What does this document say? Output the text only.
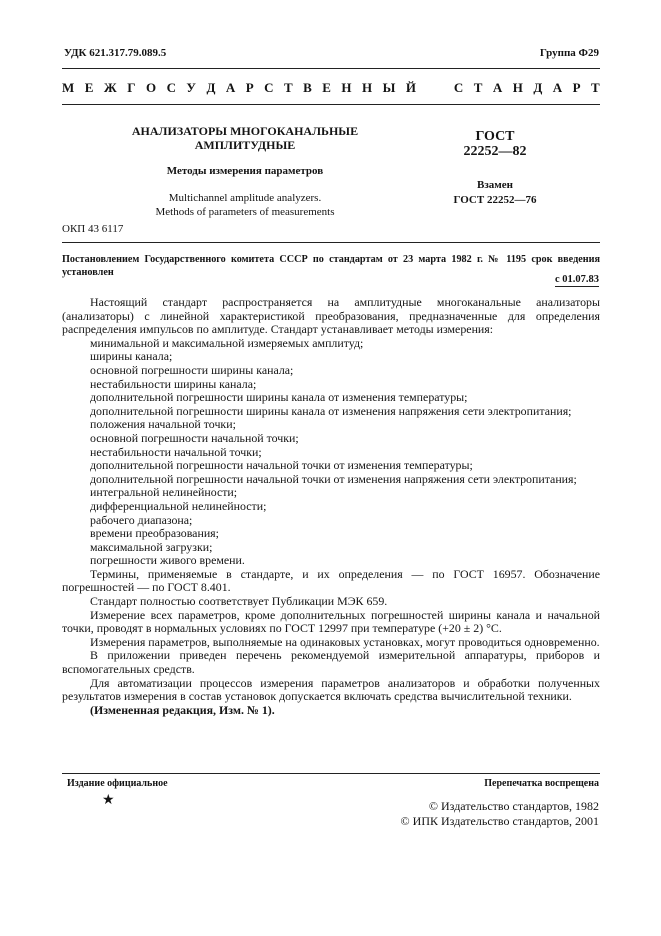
УДК 621.317.79.089.5	Группа Ф29
М Е Ж Г О С У Д А Р С Т В Е Н Н Ы Й

	С Т А Н Д А Р Т
АНАЛИЗАТОРЫ МНОГОКАНАЛЬНЫЕ
АМПЛИТУДНЫЕ
Методы измерения параметров
Multichannel amplitude analyzers.
Methods of parameters of measurements
ГОСТ
22252—82
Взамен
ГОСТ 22252—76
ОКП 43 6117
Постановлением Государственного комитета СССР по стандартам от 23 марта 1982 г. № 1195 срок введения установлен
с 01.07.83

Настоящий стандарт распространяется на амплитудные многоканальные анализаторы (анализаторы) с линейной характеристикой преобразования, предназначенные для определения распределения импульсов по амплитуде. Стандарт устанавливает методы измерения:

минимальной и максимальной измеряемых амплитуд;

ширины канала;

основной погрешности ширины канала;

нестабильности ширины канала;

дополнительной погрешности ширины канала от изменения температуры;

дополнительной погрешности ширины канала от изменения напряжения сети электропитания;

положения начальной точки;

основной погрешности начальной точки;

нестабильности начальной точки;

дополнительной погрешности начальной точки от изменения температуры;

дополнительной погрешности начальной точки от изменения напряжения сети электропитания;

интегральной нелинейности;

дифференциальной нелинейности;

рабочего диапазона;

времени преобразования;

максимальной загрузки;

погрешности живого времени.

Термины, применяемые в стандарте, и их определения — по ГОСТ 16957. Обозначение погрешностей — по ГОСТ 8.401.

Стандарт полностью соответствует Публикации МЭК 659.

Измерение всех параметров, кроме дополнительных погрешностей ширины канала и начальной точки, проводят в нормальных условиях по ГОСТ 12997 при температуре (+20 ± 2) °С.

Измерения параметров, выполняемые на одинаковых установках, могут проводиться одновременно.

В приложении приведен перечень рекомендуемой измерительной аппаратуры, приборов и вспомогательных средств.

Для автоматизации процессов измерения параметров анализаторов и обработки полученных результатов измерения в состав установок допускается включать средства вычислительной техники.

(Измененная редакция, Изм. № 1).

Издание официальное	Перепечатка воспрещена
★	© Издательство стандартов, 1982
© ИПК Издательство стандартов, 2001
